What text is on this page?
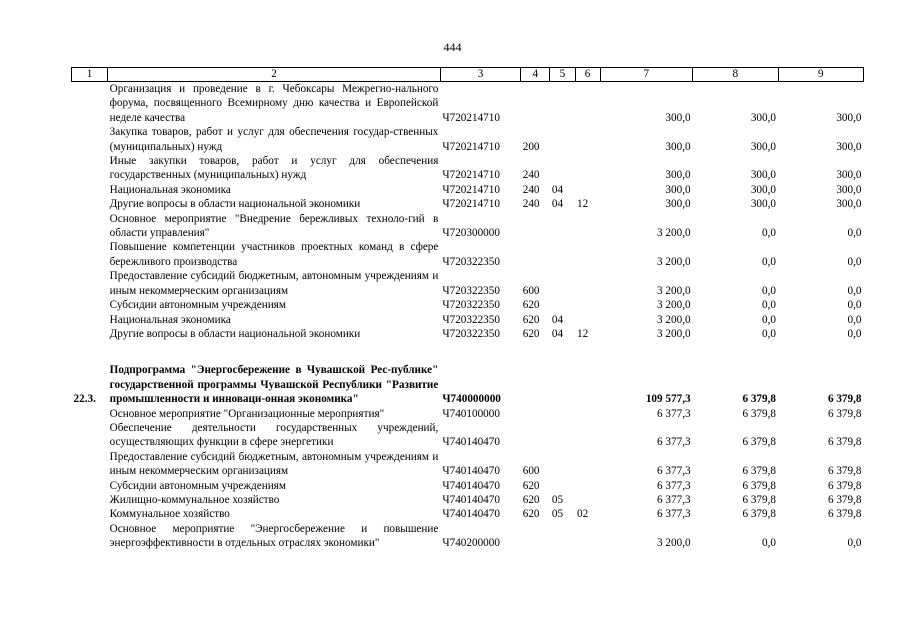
444
1	2	3	4	5	6	7	8	9
	Организация и проведение в г. Чебоксары Межрегио-нального форума, посвященного Всемирному дню качества и Европейской неделе качества	Ч720214710				300,0	300,0	300,0
	Закупка товаров, работ и услуг для обеспечения государ-ственных (муниципальных) нужд	Ч720214710	200			300,0	300,0	300,0
	Иные закупки товаров, работ и услуг для обеспечения государственных (муниципальных) нужд	Ч720214710	240			300,0	300,0	300,0
	Национальная экономика	Ч720214710	240	04		300,0	300,0	300,0
	Другие вопросы в области национальной экономики	Ч720214710	240	04	12	300,0	300,0	300,0
	Основное мероприятие "Внедрение бережливых техноло-гий в области управления"	Ч720300000				3 200,0	0,0	0,0
	Повышение компетенции участников проектных команд в сфере бережливого производства	Ч720322350				3 200,0	0,0	0,0
	Предоставление субсидий бюджетным, автономным учреждениям и иным некоммерческим организациям	Ч720322350	600			3 200,0	0,0	0,0
	Субсидии автономным учреждениям	Ч720322350	620			3 200,0	0,0	0,0
	Национальная экономика	Ч720322350	620	04		3 200,0	0,0	0,0
	Другие вопросы в области национальной экономики	Ч720322350	620	04	12	3 200,0	0,0	0,0

22.3.	Подпрограмма "Энергосбережение в Чувашской Рес-публике" государственной программы Чувашской Республики "Развитие промышленности и инноваци-онная экономика"	Ч740000000				109 577,3	6 379,8	6 379,8
	Основное мероприятие "Организационные мероприятия"	Ч740100000				6 377,3	6 379,8	6 379,8
	Обеспечение деятельности государственных учреждений, осуществляющих функции в сфере энергетики	Ч740140470				6 377,3	6 379,8	6 379,8
	Предоставление субсидий бюджетным, автономным учреждениям и иным некоммерческим организациям	Ч740140470	600			6 377,3	6 379,8	6 379,8
	Субсидии автономным учреждениям	Ч740140470	620			6 377,3	6 379,8	6 379,8
	Жилищно-коммунальное хозяйство	Ч740140470	620	05		6 377,3	6 379,8	6 379,8
	Коммунальное хозяйство	Ч740140470	620	05	02	6 377,3	6 379,8	6 379,8
	Основное мероприятие "Энергосбережение и повышение энергоэффективности в отдельных отраслях экономики"	Ч740200000				3 200,0	0,0	0,0
